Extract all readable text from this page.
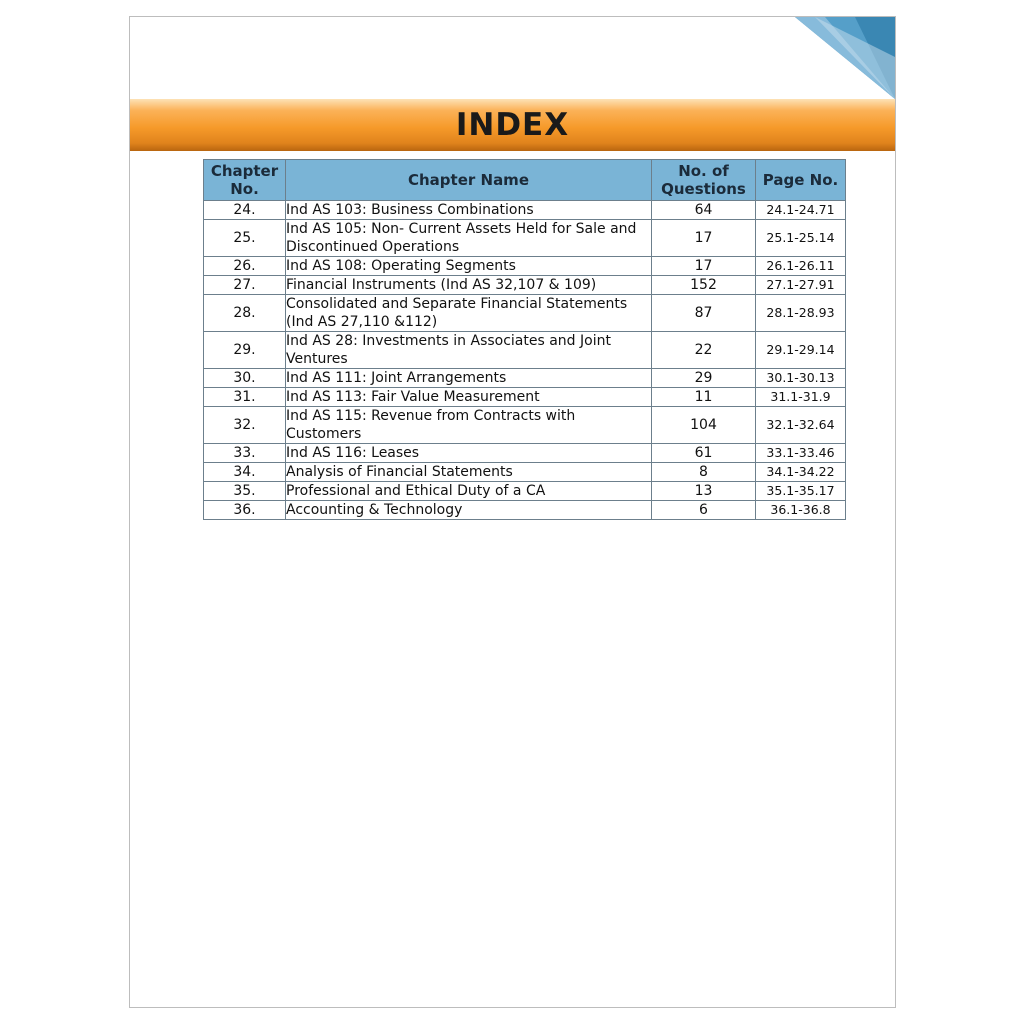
INDEX
Chapter No.	Chapter Name	No. of Questions	Page No.
24.	Ind AS 103: Business Combinations	64	24.1-24.71
25.	Ind AS 105: Non- Current Assets Held for Sale and Discontinued Operations	17	25.1-25.14
26.	Ind AS 108: Operating Segments	17	26.1-26.11
27.	Financial Instruments (Ind AS 32,107 & 109)	152	27.1-27.91
28.	Consolidated and Separate Financial Statements (Ind AS 27,110 &112)	87	28.1-28.93
29.	Ind AS 28: Investments in Associates and Joint Ventures	22	29.1-29.14
30.	Ind AS 111: Joint Arrangements	29	30.1-30.13
31.	Ind AS 113: Fair Value Measurement	11	31.1-31.9
32.	Ind AS 115: Revenue from Contracts with Customers	104	32.1-32.64
33.	Ind AS 116: Leases	61	33.1-33.46
34.	Analysis of Financial Statements	8	34.1-34.22
35.	Professional and Ethical Duty of a CA	13	35.1-35.17
36.	Accounting & Technology	6	36.1-36.8
